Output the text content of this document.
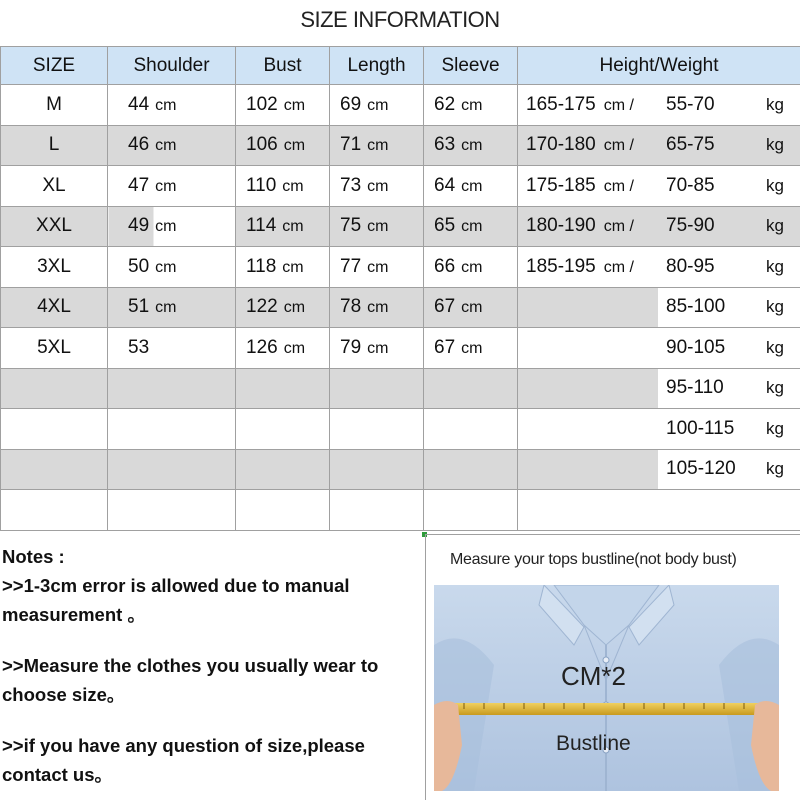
SIZE INFORMATION
SIZE	Shoulder	Bust	Length	Sleeve	Height/Weight
M	44 cm	102 cm	69 cm	62 cm	165-175 cm / 55-70 kg

L	46 cm	106 cm	71 cm	63 cm	170-180 cm / 65-75 kg

XL	47 cm	110 cm	73 cm	64 cm	175-185 cm / 70-85 kg

XXL	49 cm	114 cm	75 cm	65 cm	180-190 cm / 75-90 kg

3XL	50 cm	118 cm	77 cm	66 cm	185-195 cm / 80-95 kg

4XL	51 cm	122 cm	78 cm	67 cm	85-100 kg

5XL	53	126 cm	79 cm	67 cm	90-105 kg

					95-110 kg

					100-115 kg

					105-120 kg

Notes :

>>1-3cm error is allowed due to manual measurement 。

>>Measure the clothes you usually wear to choose size。

>>if you have any question of size,please contact us。

Measure your tops bustline(not body bust)
CM*2
Bustline
